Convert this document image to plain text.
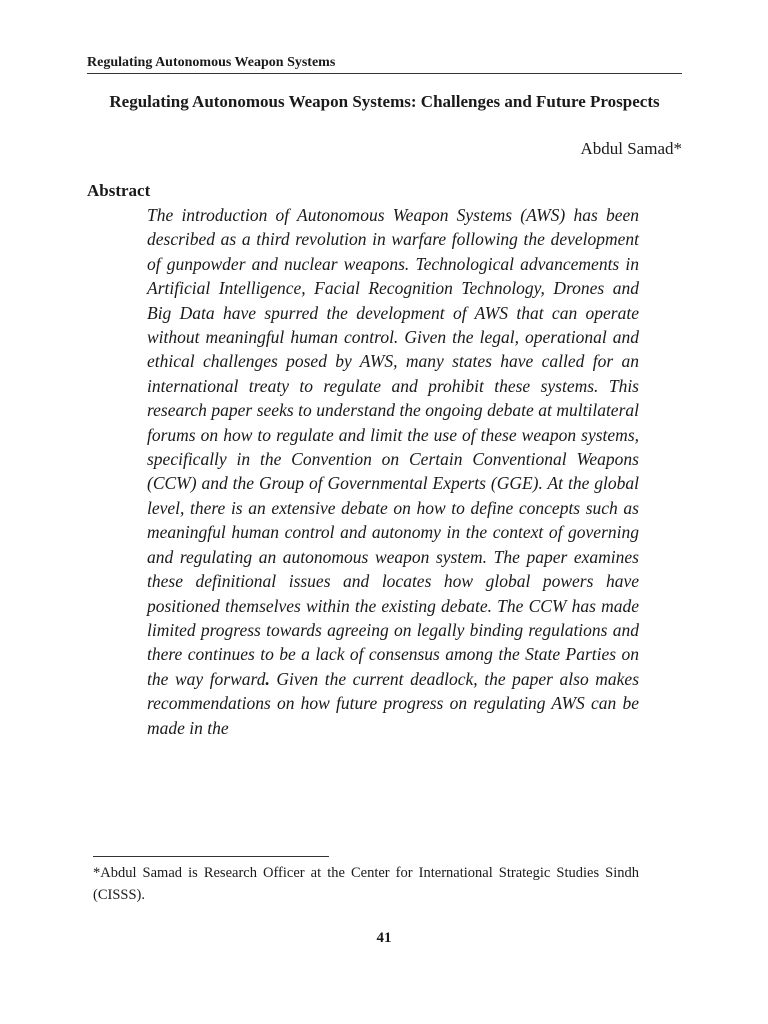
Regulating Autonomous Weapon Systems
Regulating Autonomous Weapon Systems: Challenges and Future Prospects
Abdul Samad*
Abstract
The introduction of Autonomous Weapon Systems (AWS) has been described as a third revolution in warfare following the development of gunpowder and nuclear weapons. Technological advancements in Artificial Intelligence, Facial Recognition Technology, Drones and Big Data have spurred the development of AWS that can operate without meaningful human control. Given the legal, operational and ethical challenges posed by AWS, many states have called for an international treaty to regulate and prohibit these systems. This research paper seeks to understand the ongoing debate at multilateral forums on how to regulate and limit the use of these weapon systems, specifically in the Convention on Certain Conventional Weapons (CCW) and the Group of Governmental Experts (GGE). At the global level, there is an extensive debate on how to define concepts such as meaningful human control and autonomy in the context of governing and regulating an autonomous weapon system. The paper examines these definitional issues and locates how global powers have positioned themselves within the existing debate. The CCW has made limited progress towards agreeing on legally binding regulations and there continues to be a lack of consensus among the State Parties on the way forward. Given the current deadlock, the paper also makes recommendations on how future progress on regulating AWS can be made in the
*Abdul Samad is Research Officer at the Center for International Strategic Studies Sindh (CISSS).
41
